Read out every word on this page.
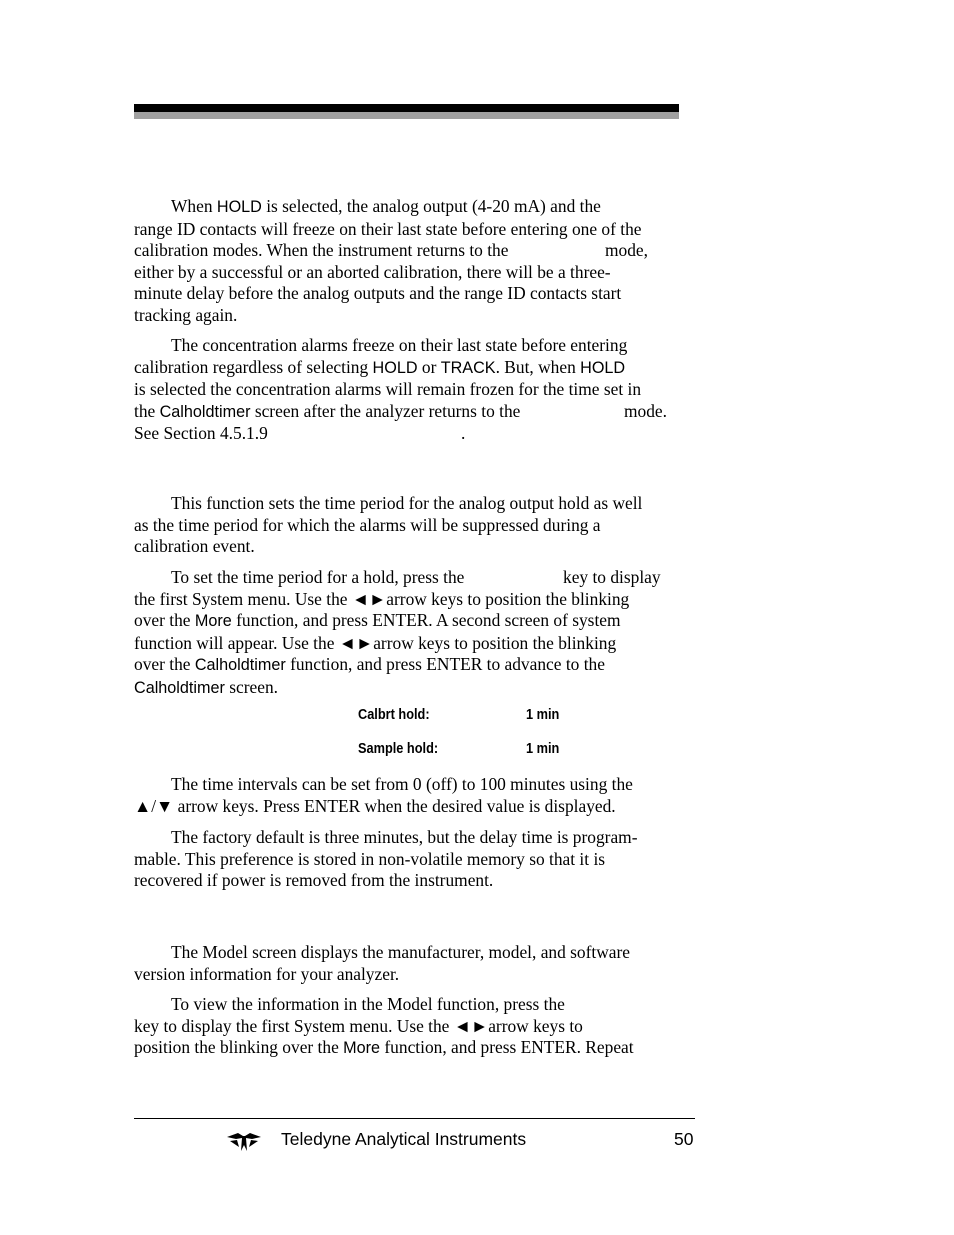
When HOLD is selected, the analog output (4-20 mA) and the
range ID contacts will freeze on their last state before entering one of the
calibration modes. When the instrument returns to the	mode,
either by a successful or an aborted calibration, there will be a three-
minute delay before the analog outputs and the range ID contacts start
tracking again.
The concentration alarms freeze on their last state before entering
calibration regardless of selecting HOLD or TRACK. But, when HOLD
is selected the concentration alarms will remain frozen for the time set in
the Calholdtimer screen after the analyzer returns to the	mode.
See Section 4.5.1.9	.
This function sets the time period for the analog output hold as well
as the time period for which the alarms will be suppressed during a
calibration event.
To set the time period for a hold, press the	key to display
the first System menu. Use the ◄►arrow keys to position the blinking
over the More function, and press ENTER. A second screen of system
function will appear. Use the ◄►arrow keys to position the blinking
over the Calholdtimer function, and press ENTER to advance to the
Calholdtimer screen.
Calbrt hold:	1 min
Sample hold:	1 min
The time intervals can be set from 0 (off) to 100 minutes using the
▲/▼ arrow keys. Press ENTER when the desired value is displayed.
The factory default is three minutes, but the delay time is program-
mable. This preference is stored in non-volatile memory so that it is
recovered if power is removed from the instrument.
The Model screen displays the manufacturer, model, and software
version information for your analyzer.
To view the information in the Model function, press the
key to display the first System menu. Use the ◄►arrow keys to
position the blinking over the More function, and press ENTER. Repeat
Teledyne Analytical Instruments	50
